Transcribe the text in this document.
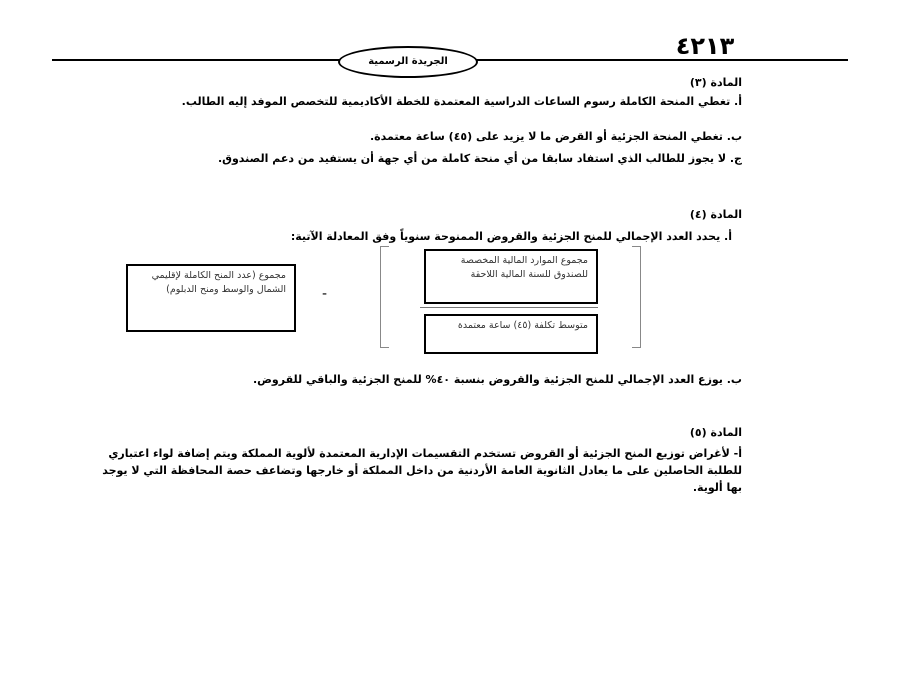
٤٢١٣
الجريدة الرسمية
المادة (٣)
أ. تغطي المنحة الكاملة رسوم الساعات الدراسية المعتمدة للخطة الأكاديمية للتخصص الموفد إليه الطالب.
ب. تغطي المنحة الجزئية أو القرض ما لا يزيد على (٤٥) ساعة معتمدة.
ج. لا يجوز للطالب الذي استفاد سابقا من أي منحة كاملة من أي جهة أن يستفيد من دعم الصندوق.
المادة (٤)
أ. يحدد العدد الإجمالي للمنح الجزئية والقروض الممنوحة سنوياً وفق المعادلة الآتية:
مجموع (عدد المنح الكاملة لإقليمي الشمال والوسط ومنح الدبلوم)	-
مجموع الموارد المالية المخصصة للصندوق للسنة المالية اللاحقة
متوسط تكلفة (٤٥) ساعة معتمدة
ب. يوزع العدد الإجمالي للمنح الجزئية والقروض بنسبة ٤٠% للمنح الجزئية والباقي للقروض.
المادة (٥)
أ- لأغراض توزيع المنح الجزئية أو القروض تستخدم التقسيمات الإدارية المعتمدة لألوية المملكة ويتم إضافة لواء اعتباري للطلبة الحاصلين على ما يعادل الثانوية العامة الأردنية من داخل المملكة أو خارجها وتضاعف حصة المحافظة التي لا يوجد بها ألوية.
